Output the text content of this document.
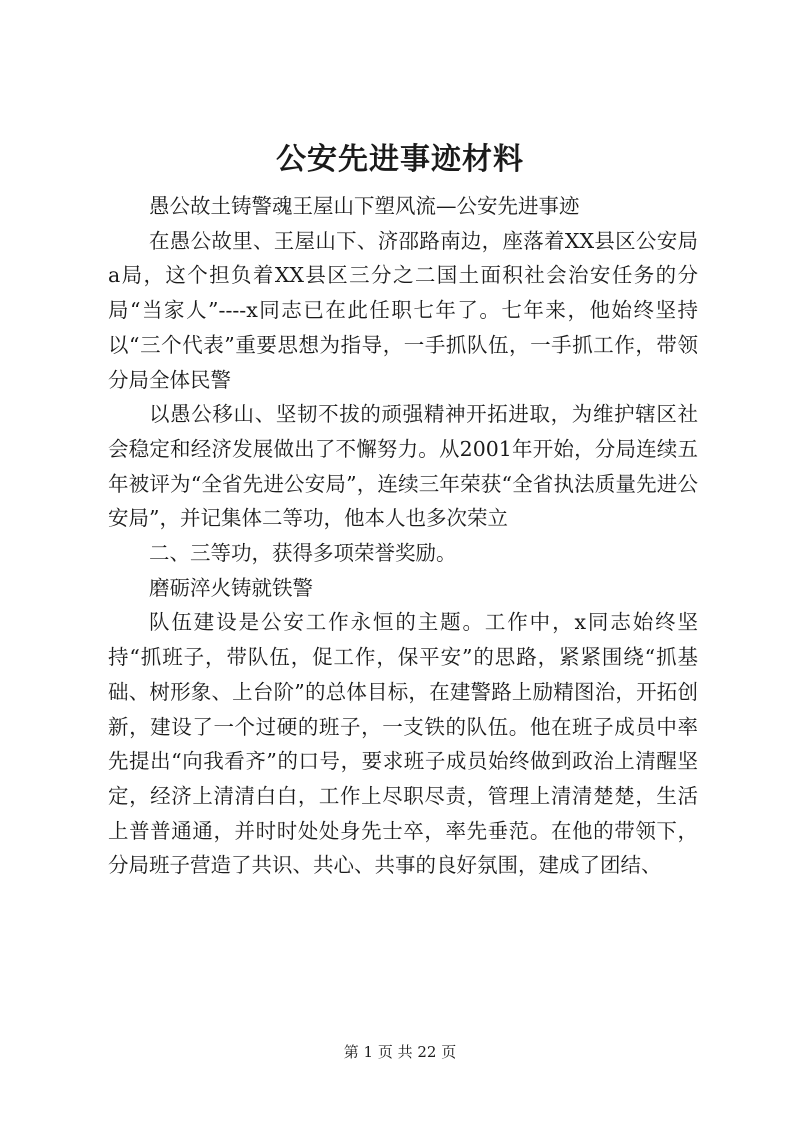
公安先进事迹材料

愚公故土铸警魂王屋山下塑风流—公安先进事迹

在愚公故里、王屋山下、济邵路南边，座落着XX县区公安局a局，这个担负着XX县区三分之二国土面积社会治安任务的分局“当家人”----x同志已在此任职七年了。七年来，他始终坚持以“三个代表”重要思想为指导，一手抓队伍，一手抓工作，带领分局全体民警

以愚公移山、坚韧不拔的顽强精神开拓进取，为维护辖区社会稳定和经济发展做出了不懈努力。从2001年开始，分局连续五年被评为“全省先进公安局”，连续三年荣获“全省执法质量先进公安局”，并记集体二等功，他本人也多次荣立

二、三等功，获得多项荣誉奖励。

磨砺淬火铸就铁警

队伍建设是公安工作永恒的主题。工作中，x同志始终坚持“抓班子，带队伍，促工作，保平安”的思路，紧紧围绕“抓基础、树形象、上台阶”的总体目标，在建警路上励精图治，开拓创新，建设了一个过硬的班子，一支铁的队伍。他在班子成员中率先提出“向我看齐”的口号，要求班子成员始终做到政治上清醒坚定，经济上清清白白，工作上尽职尽责，管理上清清楚楚，生活上普普通通，并时时处处身先士卒，率先垂范。在他的带领下，分局班子营造了共识、共心、共事的良好氛围，建成了团结、

第 1 页 共 22 页
